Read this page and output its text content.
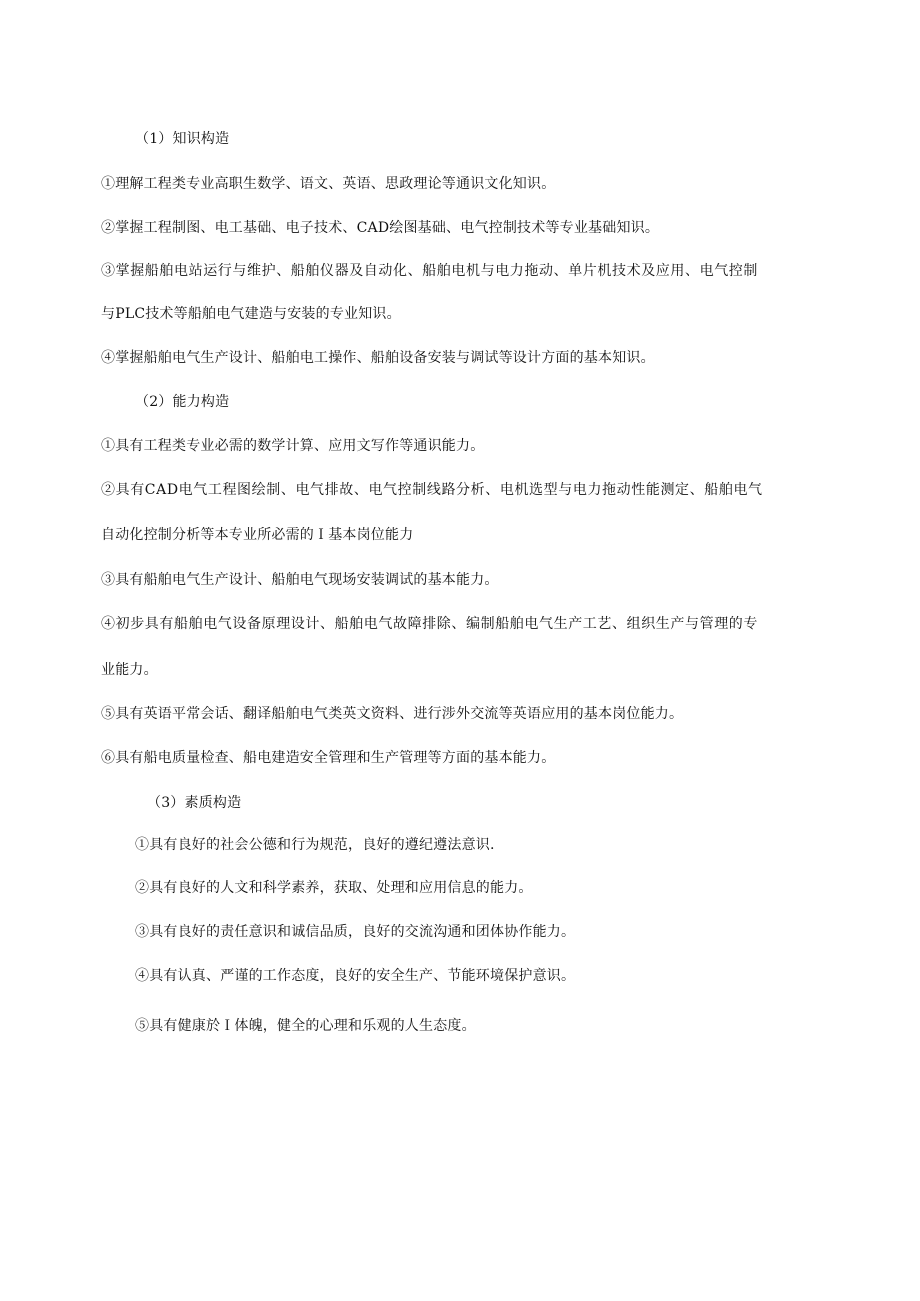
（1）知识构造
①理解工程类专业高职生数学、语文、英语、思政理论等通识文化知识。
②掌握工程制图、电工基础、电子技术、CAD绘图基础、电气控制技术等专业基础知识。
③掌握船舶电站运行与维护、船舶仪器及自动化、船舶电机与电力拖动、单片机技术及应用、电气控制
与PLC技术等船舶电气建造与安装的专业知识。
④掌握船舶电气生产设计、船舶电工操作、船舶设备安装与调试等设计方面的基本知识。
（2）能力构造
①具有工程类专业必需的数学计算、应用文写作等通识能力。
②具有CAD电气工程图绘制、电气排故、电气控制线路分析、电机选型与电力拖动性能测定、船舶电气
自动化控制分析等本专业所必需的Ｉ基本岗位能力
③具有船舶电气生产设计、船舶电气现场安装调试的基本能力。
④初步具有船舶电气设备原理设计、船舶电气故障排除、编制船舶电气生产工艺、组织生产与管理的专
业能力。
⑤具有英语平常会话、翻译船舶电气类英文资料、进行涉外交流等英语应用的基本岗位能力。
⑥具有船电质量检查、船电建造安全管理和生产管理等方面的基本能力。
（3）素质构造
①具有良好的社会公德和行为规范，良好的遵纪遵法意识.
②具有良好的人文和科学素养，获取、处理和应用信息的能力。
③具有良好的责任意识和诚信品质，良好的交流沟通和团体协作能力。
④具有认真、严谨的工作态度，良好的安全生产、节能环境保护意识。
⑤具有健康於Ｉ体魄，健全的心理和乐观的人生态度。
